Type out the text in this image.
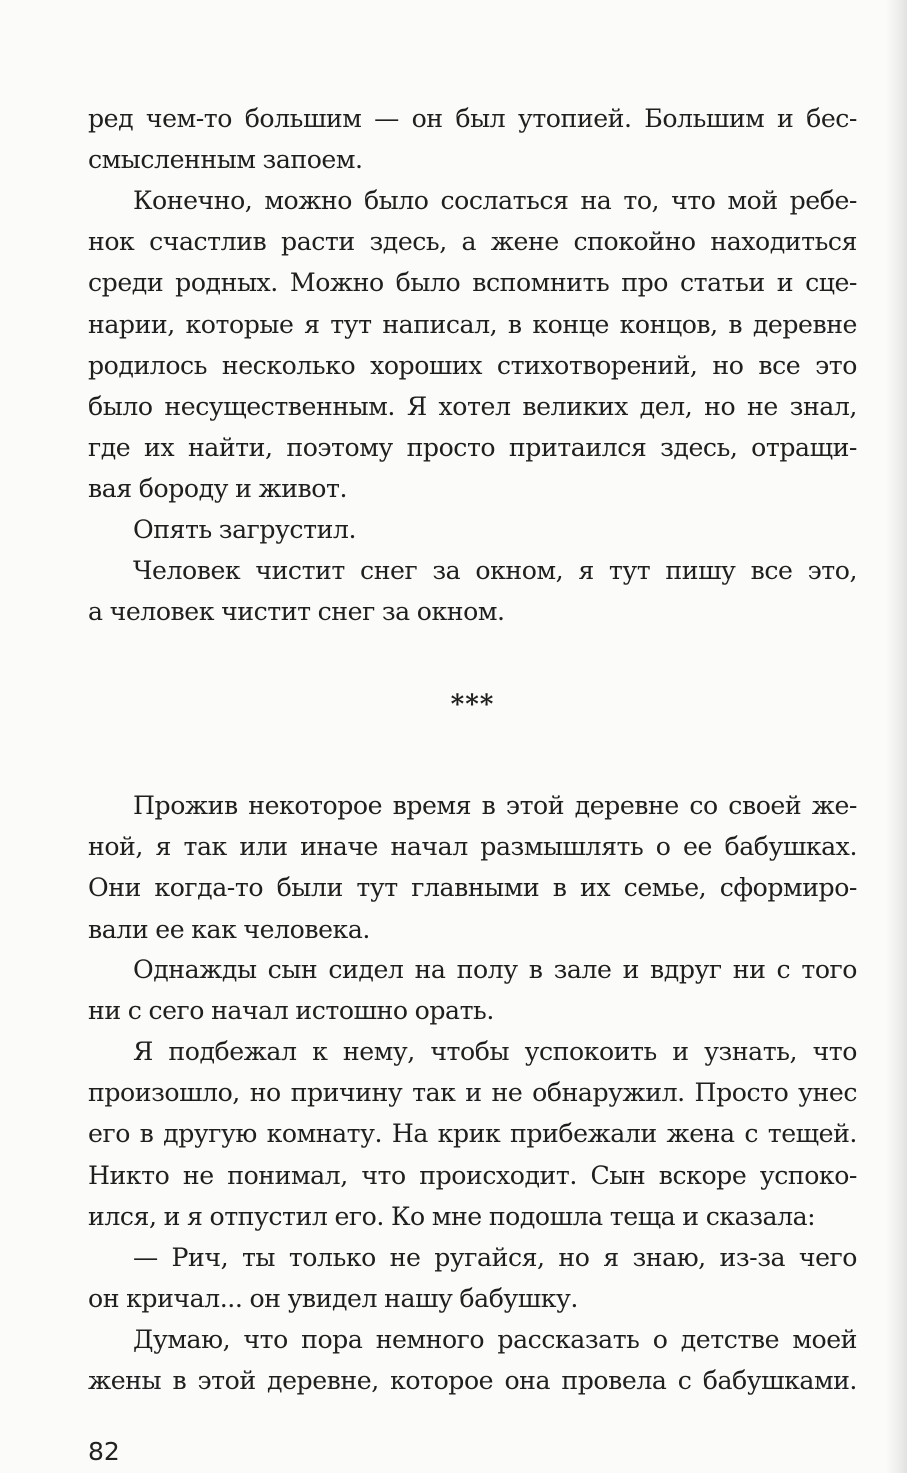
ред чем-то большим — он был утопией. Большим и бес-
смысленным запоем.

Конечно, можно было сослаться на то, что мой ребе-
нок счастлив расти здесь, а жене спокойно находиться
среди родных. Можно было вспомнить про статьи и сце-
нарии, которые я тут написал, в конце концов, в деревне
родилось несколько хороших стихотворений, но все это
было несущественным. Я хотел великих дел, но не знал,
где их найти, поэтому просто притаился здесь, отращи-
вая бороду и живот.

Опять загрустил.

Человек чистит снег за окном, я тут пишу все это,
а человек чистит снег за окном.

***

Прожив некоторое время в этой деревне со своей же-
ной, я так или иначе начал размышлять о ее бабушках.
Они когда-то были тут главными в их семье, сформиро-
вали ее как человека.

Однажды сын сидел на полу в зале и вдруг ни с того
ни с сего начал истошно орать.

Я подбежал к нему, чтобы успокоить и узнать, что
произошло, но причину так и не обнаружил. Просто унес
его в другую комнату. На крик прибежали жена с тещей.
Никто не понимал, что происходит. Сын вскоре успоко-
ился, и я отпустил его. Ко мне подошла теща и сказала:

— Рич, ты только не ругайся, но я знаю, из-за чего
он кричал... он увидел нашу бабушку.

Думаю, что пора немного рассказать о детстве моей
жены в этой деревне, которое она провела с бабушками.

82
